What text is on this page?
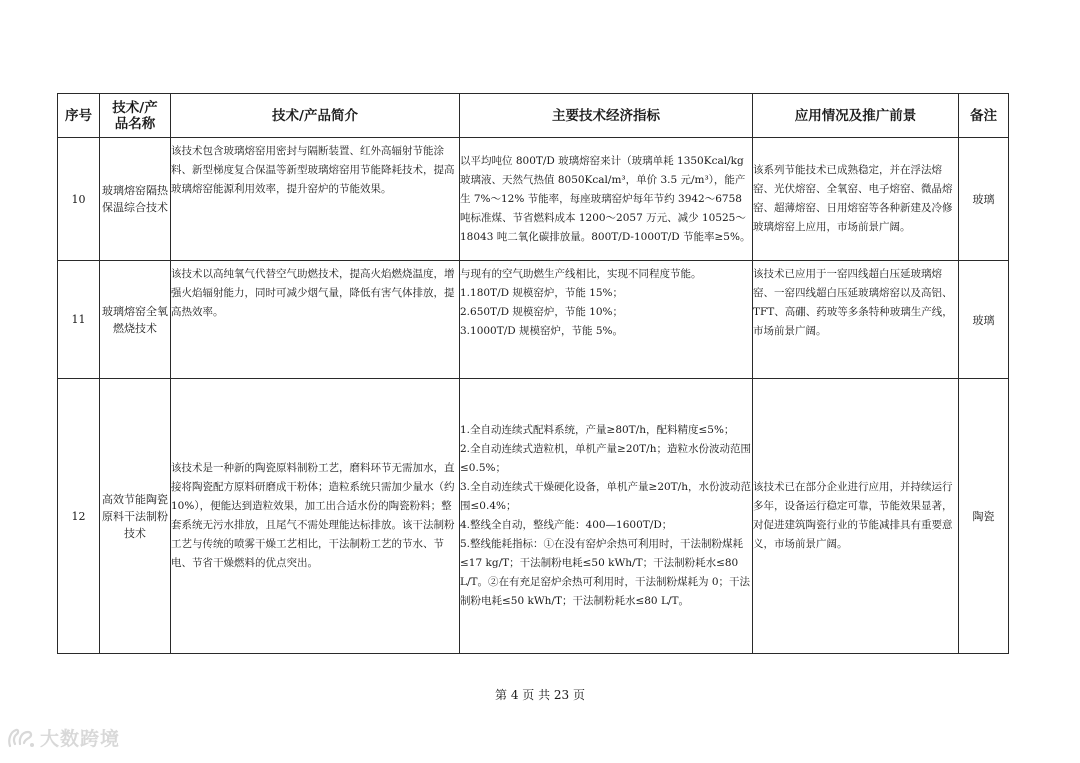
序号	技术/产品名称	技术/产品简介	主要技术经济指标	应用情况及推广前景	备注
10	玻璃熔窑隔热保温综合技术	该技术包含玻璃熔窑用密封与隔断装置、红外高辐射节能涂料、新型梯度复合保温等新型玻璃熔窑用节能降耗技术，提高玻璃熔窑能源利用效率，提升窑炉的节能效果。	以平均吨位 800T/D 玻璃熔窑来计（玻璃单耗 1350Kcal/kg 玻璃液、天然气热值 8050Kcal/m³，单价 3.5 元/m³），能产生 7%～12% 节能率，每座玻璃窑炉每年节约 3942～6758 吨标准煤、节省燃料成本 1200～2057 万元、减少 10525～18043 吨二氧化碳排放量。800T/D-1000T/D 节能率≥5%。	该系列节能技术已成熟稳定，并在浮法熔窑、光伏熔窑、全氧窑、电子熔窑、微晶熔窑、超薄熔窑、日用熔窑等各种新建及冷修玻璃熔窑上应用，市场前景广阔。	玻璃
11	玻璃熔窑全氧燃烧技术	该技术以高纯氧气代替空气助燃技术，提高火焰燃烧温度，增强火焰辐射能力，同时可减少烟气量，降低有害气体排放，提高热效率。	与现有的空气助燃生产线相比，实现不同程度节能。
1.180T/D 规模窑炉，节能 15%；
2.650T/D 规模窑炉，节能 10%；
3.1000T/D 规模窑炉，节能 5%。	该技术已应用于一窑四线超白压延玻璃熔窑、一窑四线超白压延玻璃熔窑以及高铝、TFT、高硼、药玻等多条特种玻璃生产线，市场前景广阔。	玻璃
12	高效节能陶瓷原料干法制粉技术	该技术是一种新的陶瓷原料制粉工艺，磨料环节无需加水，直接将陶瓷配方原料研磨成干粉体；造粒系统只需加少量水（约 10%），便能达到造粒效果，加工出合适水份的陶瓷粉料；整套系统无污水排放，且尾气不需处理能达标排放。该干法制粉工艺与传统的喷雾干燥工艺相比，干法制粉工艺的节水、节电、节省干燥燃料的优点突出。	1.全自动连续式配料系统，产量≥80T/h，配料精度≤5%；
2.全自动连续式造粒机，单机产量≥20T/h；造粒水份波动范围≤0.5%；
3.全自动连续式干燥硬化设备，单机产量≥20T/h，水份波动范围≤0.4%；
4.整线全自动，整线产能：400—1600T/D；
5.整线能耗指标：①在没有窑炉余热可利用时，干法制粉煤耗≤17 kg/T；干法制粉电耗≤50 kWh/T；干法制粉耗水≤80 L/T。②在有充足窑炉余热可利用时，干法制粉煤耗为 0；干法制粉电耗≤50 kWh/T；干法制粉耗水≤80 L/T。	该技术已在部分企业进行应用，并持续运行多年，设备运行稳定可靠，节能效果显著，对促进建筑陶瓷行业的节能减排具有重要意义，市场前景广阔。	陶瓷
第 4 页 共 23 页
大数跨境
